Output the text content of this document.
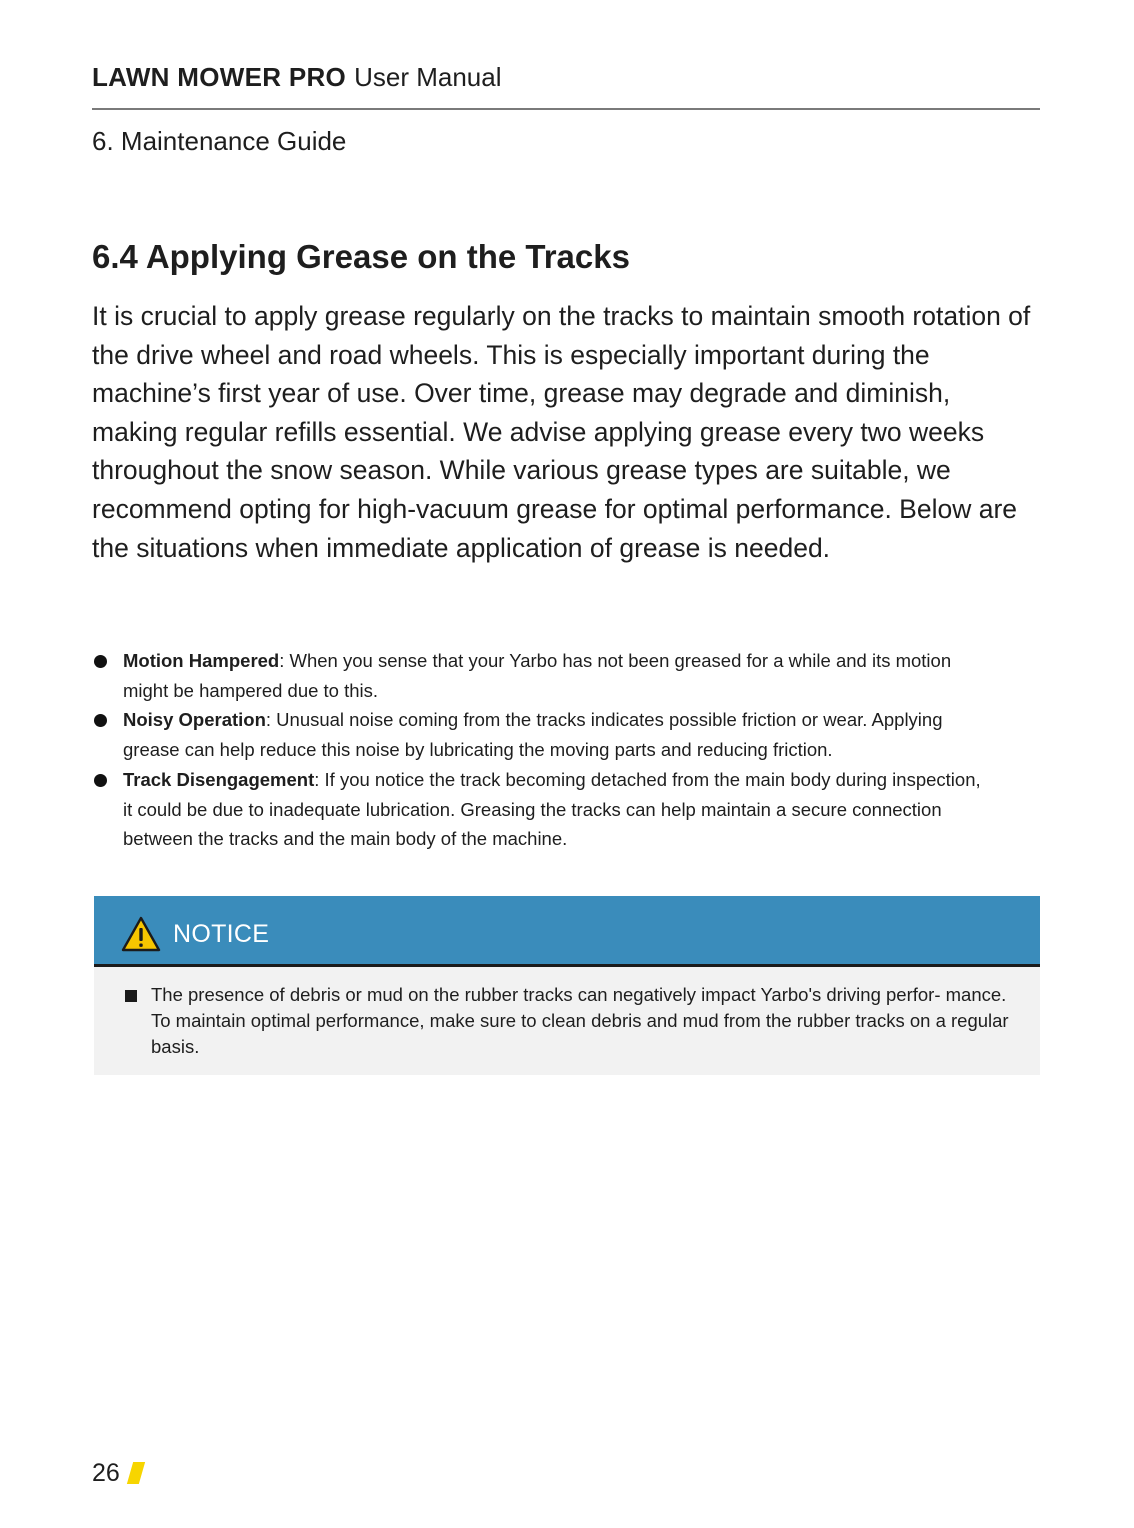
LAWN MOWER PRO User Manual
6. Maintenance Guide
6.4 Applying Grease on the Tracks

It is crucial to apply grease regularly on the tracks to maintain smooth rotation of the drive wheel and road wheels. This is especially important during the machine’s first year of use. Over time, grease may degrade and diminish, making regular refills essential. We advise applying grease every two weeks throughout the snow season. While various grease types are suitable, we recommend opting for high-vacuum grease for optimal performance. Below are the situations when immediate application of grease is needed.

Motion Hampered: When you sense that your Yarbo has not been greased for a while and its motion might be hampered due to this.
Noisy Operation: Unusual noise coming from the tracks indicates possible friction or wear. Applying grease can help reduce this noise by lubricating the moving parts and reducing friction.
Track Disengagement: If you notice the track becoming detached from the main body during inspection, it could be due to inadequate lubrication. Greasing the tracks can help maintain a secure connection between the tracks and the main body of the machine.
NOTICE
The presence of debris or mud on the rubber tracks can negatively impact Yarbo's driving perfor- mance. To maintain optimal performance, make sure to clean debris and mud from the rubber tracks on a regular basis.
26
